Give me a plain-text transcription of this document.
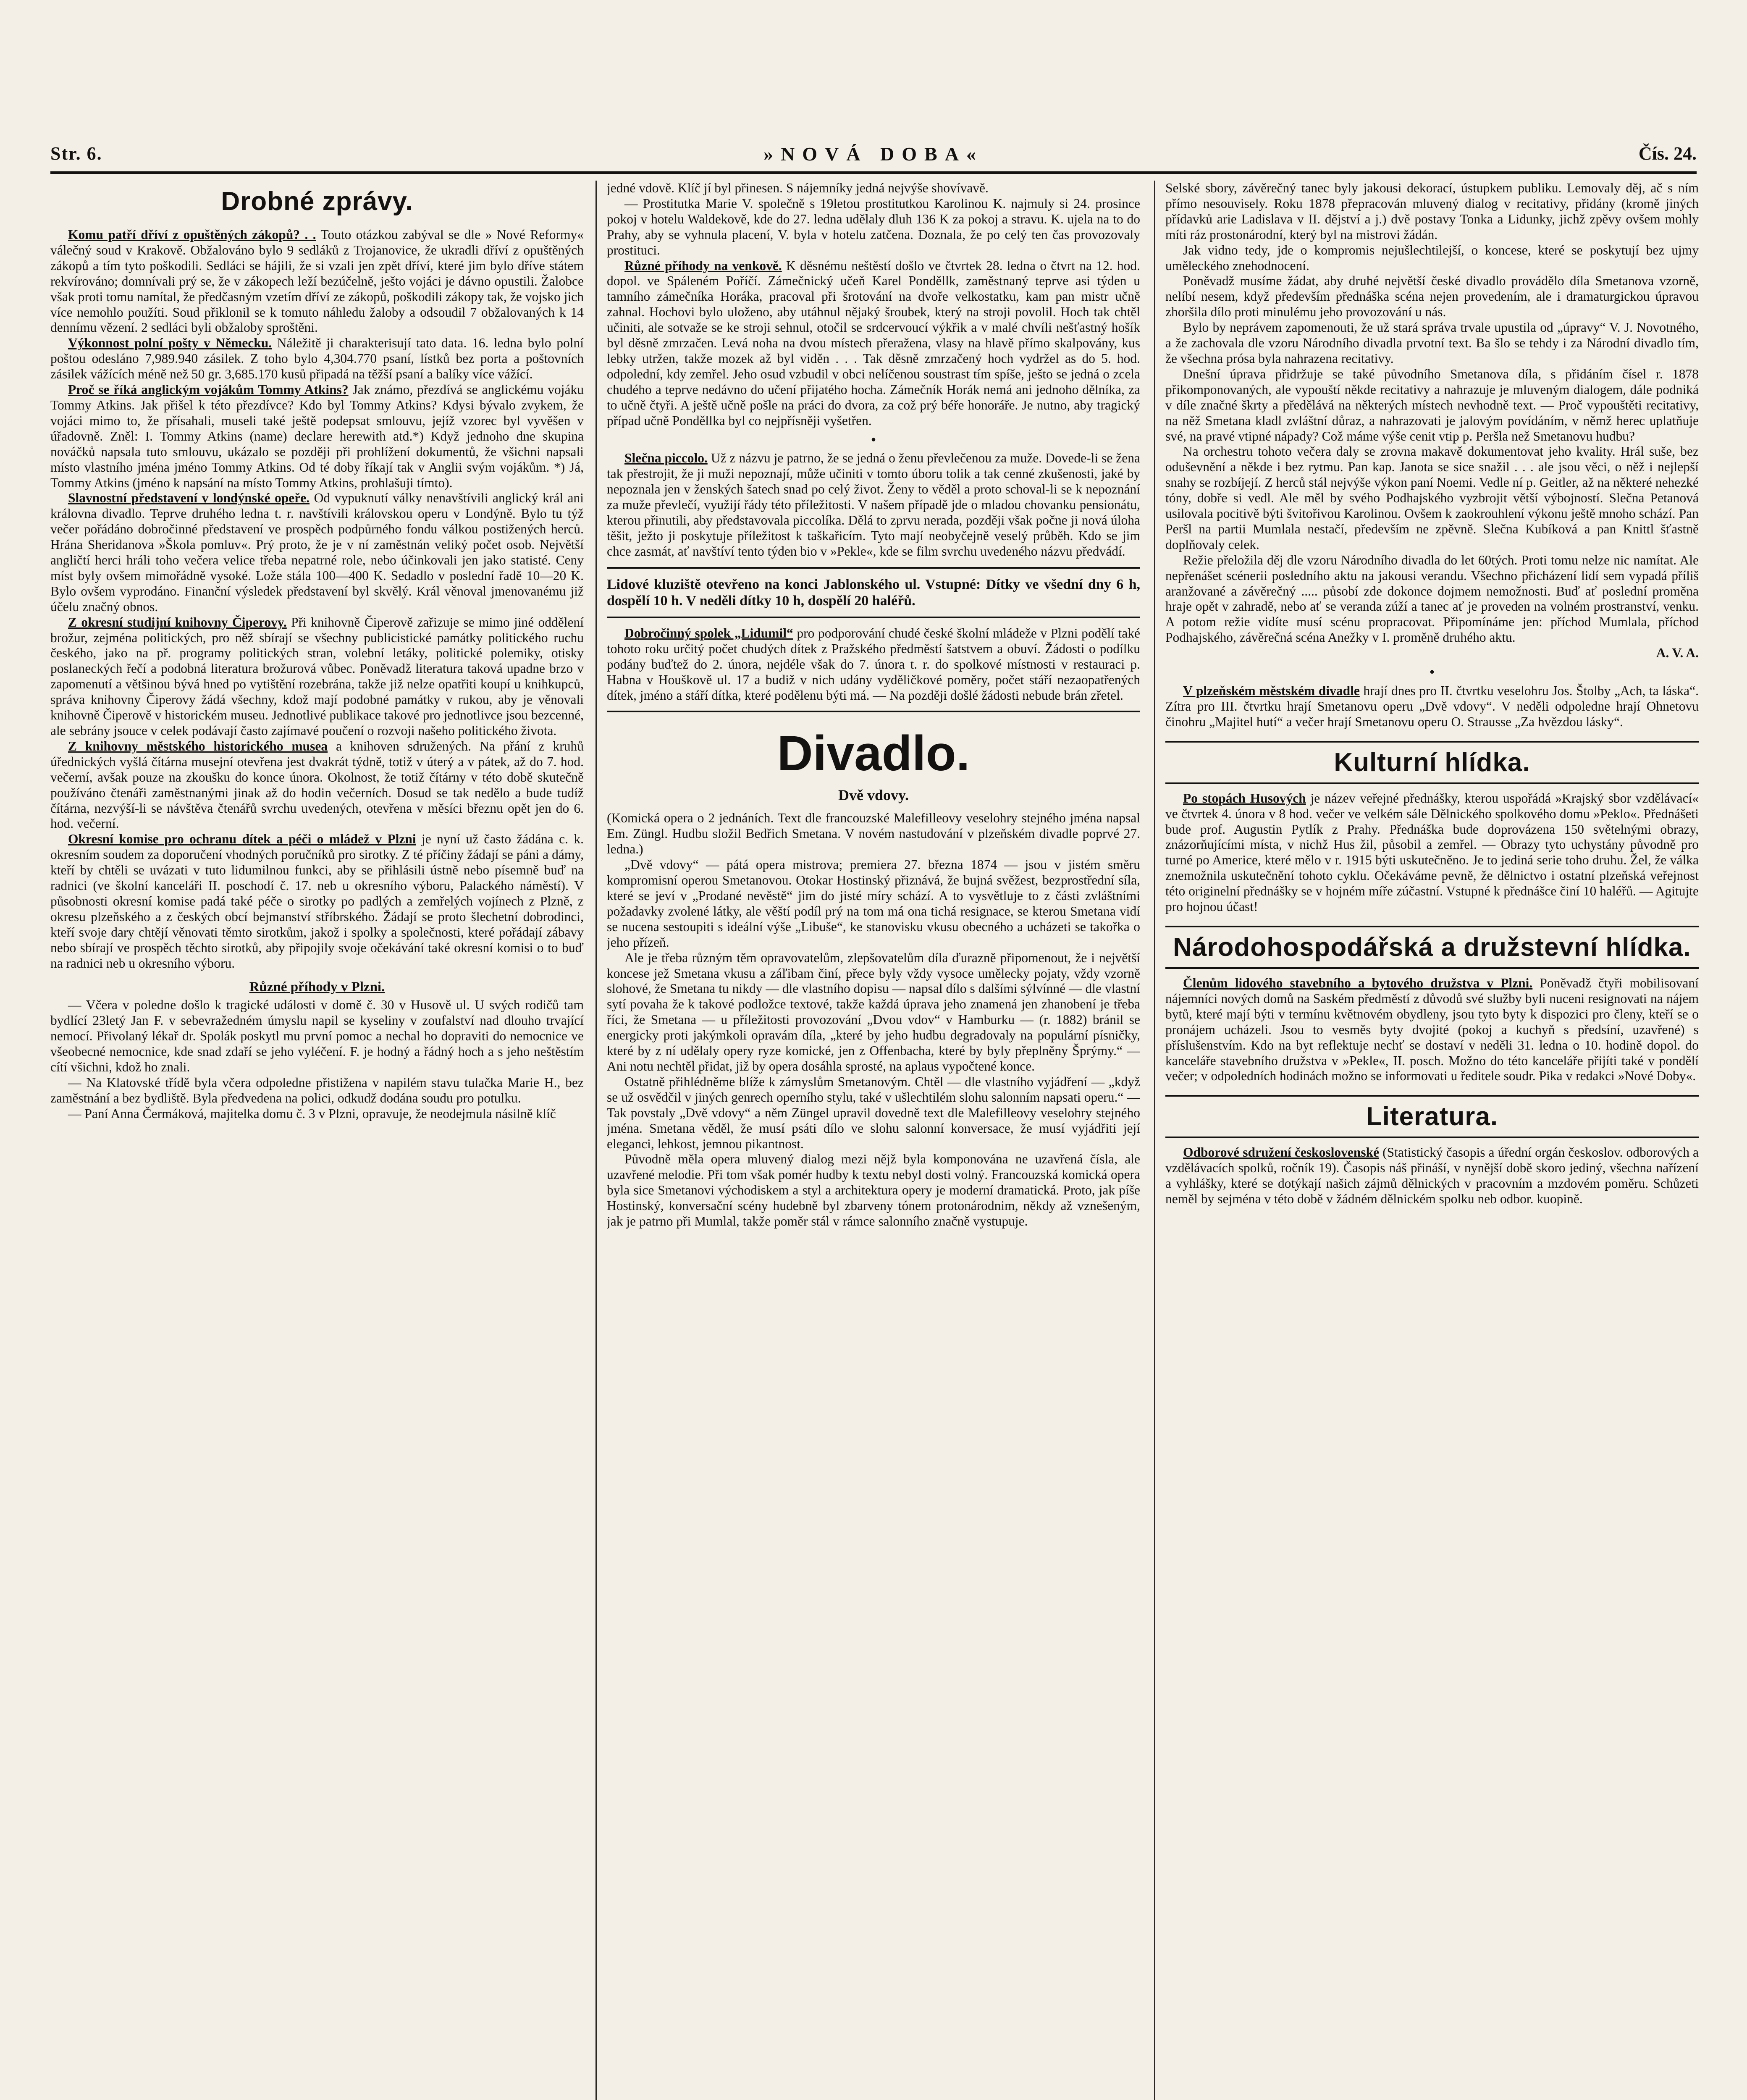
Str. 6.	»NOVÁ DOBA«	Čís. 24.
Drobné zprávy.

Komu patří dříví z opuštěných zákopů? . . Touto otázkou zabýval se dle » Nové Reformy« válečný soud v Krakově. Obžalováno bylo 9 sedláků z Trojanovice, že ukradli dříví z opuštěných zákopů a tím tyto poškodili. Sedláci se hájili, že si vzali jen zpět dříví, které jim bylo dříve státem rekvírováno; domnívali prý se, že v zákopech leží bezúčelně, ješto vojáci je dávno opustili. Žalobce však proti tomu namítal, že předčasným vzetím dříví ze zákopů, poškodili zákopy tak, že vojsko jich více nemohlo použíti. Soud přiklonil se k tomuto náhledu žaloby a odsoudil 7 obžalovaných k 14 dennímu vězení. 2 sedláci byli obžaloby sproštěni.

Výkonnost polní pošty v Německu. Náležitě ji charakterisují tato data. 16. ledna bylo polní poštou odesláno 7,989.940 zásilek. Z toho bylo 4,304.770 psaní, lístků bez porta a poštovních zásilek vážících méně než 50 gr. 3,685.170 kusů připadá na těžší psaní a balíky více vážící.

Proč se říká anglickým vojákům Tommy Atkins? Jak známo, přezdívá se anglickému vojáku Tommy Atkins. Jak přišel k této přezdívce? Kdo byl Tommy Atkins? Kdysi bývalo zvykem, že vojáci mimo to, že přísahali, museli také ještě podepsat smlouvu, jejíž vzorec byl vyvěšen v úřadovně. Zněl: I. Tommy Atkins (name) declare herewith atd.*) Když jednoho dne skupina nováčků napsala tuto smlouvu, ukázalo se později při prohlížení dokumentů, že všichni napsali místo vlastního jména jméno Tommy Atkins. Od té doby říkají tak v Anglii svým vojákům. *) Já, Tommy Atkins (jméno k napsání na místo Tommy Atkins, prohlašuji tímto).

Slavnostní představení v londýnské opeře. Od vypuknutí války nenavštívili anglický král ani královna divadlo. Teprve druhého ledna t. r. navštívili královskou operu v Londýně. Bylo tu týž večer pořádáno dobročinné představení ve prospěch podpůrného fondu válkou postižených herců. Hrána Sheridanova »Škola pomluv«. Prý proto, že je v ní zaměstnán veliký počet osob. Největší angličtí herci hráli toho večera velice třeba nepatrné role, nebo účinkovali jen jako statisté. Ceny míst byly ovšem mimořádně vysoké. Lože stála 100—400 K. Sedadlo v poslední řadě 10—20 K. Bylo ovšem vyprodáno. Finanční výsledek představení byl skvělý. Král věnoval jmenovanému již účelu značný obnos.

Z okresní studijní knihovny Čiperovy. Při knihovně Čiperově zařizuje se mimo jiné oddělení brožur, zejména politických, pro něž sbírají se všechny publicistické památky politického ruchu českého, jako na př. programy politických stran, volební letáky, politické polemiky, otisky poslaneckých řečí a podobná literatura brožurová vůbec. Poněvadž literatura taková upadne brzo v zapomenutí a většinou bývá hned po vytištění rozebrána, takže již nelze opatřiti koupí u knihkupců, správa knihovny Čiperovy žádá všechny, kdož mají podobné památky v rukou, aby je věnovali knihovně Čiperově v historickém museu. Jednotlivé publikace takové pro jednotlivce jsou bezcenné, ale sebrány jsouce v celek podávají často zajímavé poučení o rozvoji našeho politického života.

Z knihovny městského historického musea a knihoven sdružených. Na přání z kruhů úřednických vyšlá čítárna musejní otevřena jest dvakrát týdně, totiž v úterý a v pátek, až do 7. hod. večerní, avšak pouze na zkoušku do konce února. Okolnost, že totiž čítárny v této době skutečně používáno čtenáři zaměstnanými jinak až do hodin večerních. Dosud se tak nedělo a bude tudíž čítárna, nezvýší-li se návštěva čtenářů svrchu uvedených, otevřena v měsíci březnu opět jen do 6. hod. večerní.

Okresní komise pro ochranu dítek a péči o mládež v Plzni je nyní už často žádána c. k. okresním soudem za doporučení vhodných poručníků pro sirotky. Z té příčiny žádají se páni a dámy, kteří by chtěli se uvázati v tuto lidumilnou funkci, aby se přihlásili ústně nebo písemně buď na radnici (ve školní kanceláři II. poschodí č. 17. neb u okresního výboru, Palackého náměstí). V působnosti okresní komise padá také péče o sirotky po padlých a zemřelých vojínech z Plzně, z okresu plzeňského a z českých obcí bejmanství stříbrského. Žádají se proto šlechetní dobrodinci, kteří svoje dary chtějí věnovati těmto sirotkům, jakož i spolky a společnosti, které pořádají zábavy nebo sbírají ve prospěch těchto sirotků, aby připojily svoje očekávání také okresní komisi o to buď na radnici neb u okresního výboru.

Různé příhody v Plzni.

— Včera v poledne došlo k tragické události v domě č. 30 v Husově ul. U svých rodičů tam bydlící 23letý Jan F. v sebevražedném úmyslu napil se kyseliny v zoufalství nad dlouho trvající nemocí. Přivolaný lékař dr. Spolák poskytl mu první pomoc a nechal ho dopraviti do nemocnice ve všeobecné nemocnice, kde snad zdaří se jeho vyléčení. F. je hodný a řádný hoch a s jeho neštěstím cítí všichni, kdož ho znali.

— Na Klatovské třídě byla včera odpoledne přistižena v napilém stavu tulačka Marie H., bez zaměstnání a bez bydliště. Byla předvedena na polici, odkudž dodána soudu pro potulku.

— Paní Anna Čermáková, majitelka domu č. 3 v Plzni, opravuje, že neodejmula násilně klíč

jedné vdově. Klíč jí byl přinesen. S nájemníky jedná nejvýše shovívavě.

— Prostitutka Marie V. společně s 19letou prostitutkou Karolinou K. najmuly si 24. prosince pokoj v hotelu Waldekově, kde do 27. ledna udělaly dluh 136 K za pokoj a stravu. K. ujela na to do Prahy, aby se vyhnula placení, V. byla v hotelu zatčena. Doznala, že po celý ten čas provozovaly prostituci.

Různé příhody na venkově. K děsnému neštěstí došlo ve čtvrtek 28. ledna o čtvrt na 12. hod. dopol. ve Spáleném Poříčí. Zámečnický učeň Karel Ponděllk, zaměstnaný teprve asi týden u tamního zámečníka Horáka, pracoval při šrotování na dvoře velkostatku, kam pan mistr učně zahnal. Hochovi bylo uloženo, aby utáhnul nějaký šroubek, který na stroji povolil. Hoch tak chtěl učiniti, ale sotvaže se ke stroji sehnul, otočil se srdcervoucí výkřik a v malé chvíli nešťastný hošík byl děsně zmrzačen. Levá noha na dvou místech přeražena, vlasy na hlavě přímo skalpovány, kus lebky utržen, takže mozek až byl viděn . . . Tak děsně zmrzačený hoch vydržel as do 5. hod. odpolední, kdy zemřel. Jeho osud vzbudil v obci nelíčenou soustrast tím spíše, ješto se jedná o zcela chudého a teprve nedávno do učení přijatého hocha. Zámečník Horák nemá ani jednoho dělníka, za to učně čtyři. A ještě učně pošle na práci do dvora, za což prý béře honoráře. Je nutno, aby tragický případ učně Ponděllka byl co nejpřísněji vyšetřen.

•

Slečna piccolo. Už z názvu je patrno, že se jedná o ženu převlečenou za muže. Dovede-li se žena tak přestrojit, že ji muži nepoznají, může učiniti v tomto úboru tolik a tak cenné zkušenosti, jaké by nepoznala jen v ženských šatech snad po celý život. Ženy to věděl a proto schoval-li se k nepoznání za muže převlečí, využijí řády této příležitosti. V našem případě jde o mladou chovanku pensionátu, kterou přinutili, aby představovala piccolíka. Dělá to zprvu nerada, později však počne ji nová úloha těšit, ježto ji poskytuje příležitost k taškařicím. Tyto mají neobyčejně veselý průběh. Kdo se jim chce zasmát, ať navštíví tento týden bio v »Pekle«, kde se film svrchu uvedeného názvu předvádí.

Lidové kluziště otevřeno na konci Jablonského ul. Vstupné: Dítky ve všední dny 6 h, dospělí 10 h. V neděli dítky 10 h, dospělí 20 haléřů.

Dobročinný spolek „Lidumil“ pro podporování chudé české školní mládeže v Plzni podělí také tohoto roku určitý počet chudých dítek z Pražského předměstí šatstvem a obuví. Žádosti o podílku podány buďtež do 2. února, nejdéle však do 7. února t. r. do spolkové místnosti v restauraci p. Habna v Houškově ul. 17 a budiž v nich udány vyděličkové poměry, počet stáří nezaopatřených dítek, jméno a stáří dítka, které podělenu býti má. — Na později došlé žádosti nebude brán zřetel.

Divadlo.
Dvě vdovy.

(Komická opera o 2 jednáních. Text dle francouzské Malefilleovy veselohry stejného jména napsal Em. Züngl. Hudbu složil Bedřich Smetana. V novém nastudování v plzeňském divadle poprvé 27. ledna.)

„Dvě vdovy“ — pátá opera mistrova; premiera 27. března 1874 — jsou v jistém směru kompromisní operou Smetanovou. Otokar Hostinský přiznává, že bujná svěžest, bezprostřední síla, které se jeví v „Prodané nevěstě“ jim do jisté míry schází. A to vysvětluje to z části zvláštními požadavky zvolené látky, ale věští podíl prý na tom má ona tichá resignace, se kterou Smetana vidí se nucena sestoupiti s ideální výše „Libuše“, ke stanovisku vkusu obecného a ucházeti se takořka o jeho přízeň.

Ale je třeba různým těm opravovatelům, zlepšovatelům díla ďurazně připomenout, že i největší koncese jež Smetana vkusu a záľibam činí, přece byly vždy vysoce umělecky pojaty, vždy vzorně slohové, že Smetana tu nikdy — dle vlastního dopisu — napsal dílo s dalšími sýlvínné — dle vlastní sytí povaha že k takové podložce textové, takže každá úprava jeho znamená jen zhanobení je třeba říci, že Smetana — u příležitosti provozování „Dvou vdov“ v Hamburku — (r. 1882) bránil se energicky proti jakýmkoli opravám díla, „které by jeho hudbu degradovaly na populární písničky, které by z ní udělaly opery ryze komické, jen z Offenbacha, které by byly přeplněny Šprýmy.“ — Ani notu nechtěl přidat, již by opera dosáhla sprosté, na aplaus vypočtené konce.

Ostatně přihlédněme blíže k zámyslům Smetanovým. Chtěl — dle vlastního vyjádření — „když se už osvědčil v jiných genrech operního stylu, také v ušlechtilém slohu salonním napsati operu.“ — Tak povstaly „Dvě vdovy“ a něm Züngel upravil dovedně text dle Malefilleovy veselohry stejného jména. Smetana věděl, že musí psáti dílo ve slohu salonní konversace, že musí vyjádřiti její eleganci, lehkost, jemnou pikantnost.

Původně měla opera mluvený dialog mezi nějž byla komponována ne uzavřená čísla, ale uzavřené melodie. Při tom však pomér hudby k textu nebyl dosti volný. Francouzská komická opera byla sice Smetanovi východiskem a styl a architektura opery je moderní dramatická. Proto, jak píše Hostinský, konversační scény hudebně byl zbarveny tónem protonárodnim, někdy až vznešeným, jak je patrno při Mumlal, takže poměr stál v rámce salonního značně vystupuje.

Selské sbory, závěrečný tanec byly jakousi dekorací, ústupkem publiku. Lemovaly děj, ač s ním přímo nesouvisely. Roku 1878 přepracován mluvený dialog v recitativy, přidány (kromě jiných přídavků arie Ladislava v II. dějství a j.) dvě postavy Tonka a Lidunky, jichž zpěvy ovšem mohly míti ráz prostonárodní, který byl na mistrovi žádán.

Jak vidno tedy, jde o kompromis nejušlechtilejší, o koncese, které se poskytují bez ujmy uměleckého znehodnocení.

Poněvadž musíme žádat, aby druhé největší české divadlo provádělo díla Smetanova vzorně, nelíbí nesem, když především přednáška scéna nejen provedením, ale i dramaturgickou úpravou zhoršila dílo proti minulému jeho provozování u nás.

Bylo by neprávem zapomenouti, že už stará správa trvale upustila od „úpravy“ V. J. Novotného, a že zachovala dle vzoru Národního divadla prvotní text. Ba šlo se tehdy i za Národní divadlo tím, že všechna prósa byla nahrazena recitativy.

Dnešní úprava přidržuje se také původního Smetanova díla, s přidáním čísel r. 1878 přikomponovaných, ale vypouští někde recitativy a nahrazuje je mluveným dialogem, dále podniká v díle značné škrty a předělává na některých místech nevhodně text. — Proč vypouštěti recitativy, na něž Smetana kladl zvláštní důraz, a nahrazovati je jalovým povídáním, v němž herec uplatňuje své, na pravé vtipné nápady? Což máme výše cenit vtip p. Peršla než Smetanovu hudbu?

Na orchestru tohoto večera daly se zrovna makavě dokumentovat jeho kvality. Hrál suše, bez oduševnění a někde i bez rytmu. Pan kap. Janota se sice snažil . . . ale jsou věci, o něž i nejlepší snahy se rozbíjejí. Z herců stál nejvýše výkon paní Noemi. Vedle ní p. Geitler, až na některé nehezké tóny, dobře si vedl. Ale měl by svého Podhajského vyzbrojit větší výbojností. Slečna Petanová usilovala pocitivě býti švitořivou Karolinou. Ovšem k zaokrouhlení výkonu ještě mnoho schází. Pan Peršl na partii Mumlala nestačí, především ne zpěvně. Slečna Kubíková a pan Knittl šťastně doplňovaly celek.

Režie přeložila děj dle vzoru Národního divadla do let 60tých. Proti tomu nelze nic namítat. Ale nepřenášet scénerii posledního aktu na jakousi verandu. Všechno přicházení lidí sem vypadá příliš aranžované a závěrečný ..... působí zde dokonce dojmem nemožnosti. Buď ať poslední proměna hraje opět v zahradě, nebo ať se veranda zúží a tanec ať je proveden na volném prostranství, venku. A potom režie vidíte musí scénu propracovat. Připomínáme jen: příchod Mumlala, příchod Podhajského, závěrečná scéna Anežky v I. proměně druhého aktu.

A. V. A.
•

V plzeňském městském divadle hrají dnes pro II. čtvrtku veselohru Jos. Štolby „Ach, ta láska“. Zítra pro III. čtvrtku hrají Smetanovu operu „Dvě vdovy“. V neděli odpoledne hrají Ohnetovu činohru „Majitel hutí“ a večer hrají Smetanovu operu O. Strausse „Za hvězdou lásky“.

Kulturní hlídka.

Po stopách Husových je název veřejné přednášky, kterou uspořádá »Krajský sbor vzdělávací« ve čtvrtek 4. února v 8 hod. večer ve velkém sále Dělnického spolkového domu »Peklo«. Přednášeti bude prof. Augustin Pytlík z Prahy. Přednáška bude doprovázena 150 světelnými obrazy, znázorňujícími místa, v nichž Hus žil, působil a zemřel. — Obrazy tyto uchystány původně pro turné po Americe, které mělo v r. 1915 býti uskutečněno. Je to jediná serie toho druhu. Žel, že válka znemožnila uskutečnění tohoto cyklu. Očekáváme pevně, že dělnictvo i ostatní plzeňská veřejnost této originelní přednášky se v hojném míře zúčastní. Vstupné k přednášce činí 10 haléřů. — Agitujte pro hojnou účast!

Národohospodářská a družstevní hlídka.

Členům lidového stavebního a bytového družstva v Plzni. Poněvadž čtyři mobilisovaní nájemníci nových domů na Saském předměstí z důvodů své služby byli nuceni resignovati na nájem bytů, které mají býti v termínu květnovém obydleny, jsou tyto byty k dispozici pro členy, kteří se o pronájem ucházeli. Jsou to vesměs byty dvojité (pokoj a kuchyň s předsíní, uzavřené) s příslušenstvím. Kdo na byt reflektuje nechť se dostaví v neděli 31. ledna o 10. hodině dopol. do kanceláře stavebního družstva v »Pekle«, II. posch. Možno do této kanceláře přijíti také v pondělí večer; v odpoledních hodinách možno se informovati u ředitele soudr. Pika v redakci »Nové Doby«.

Literatura.

Odborové sdružení československé (Statistický časopis a úřední orgán českoslov. odborových a vzdělávacích spolků, ročník 19). Časopis náš přináší, v nynější době skoro jediný, všechna nařízení a vyhlášky, které se dotýkají našich zájmů dělnických v pracovním a mzdovém poměru. Schůzeti neměl by sejména v této době v žádném dělnickém spolku neb odbor. kuopině.
